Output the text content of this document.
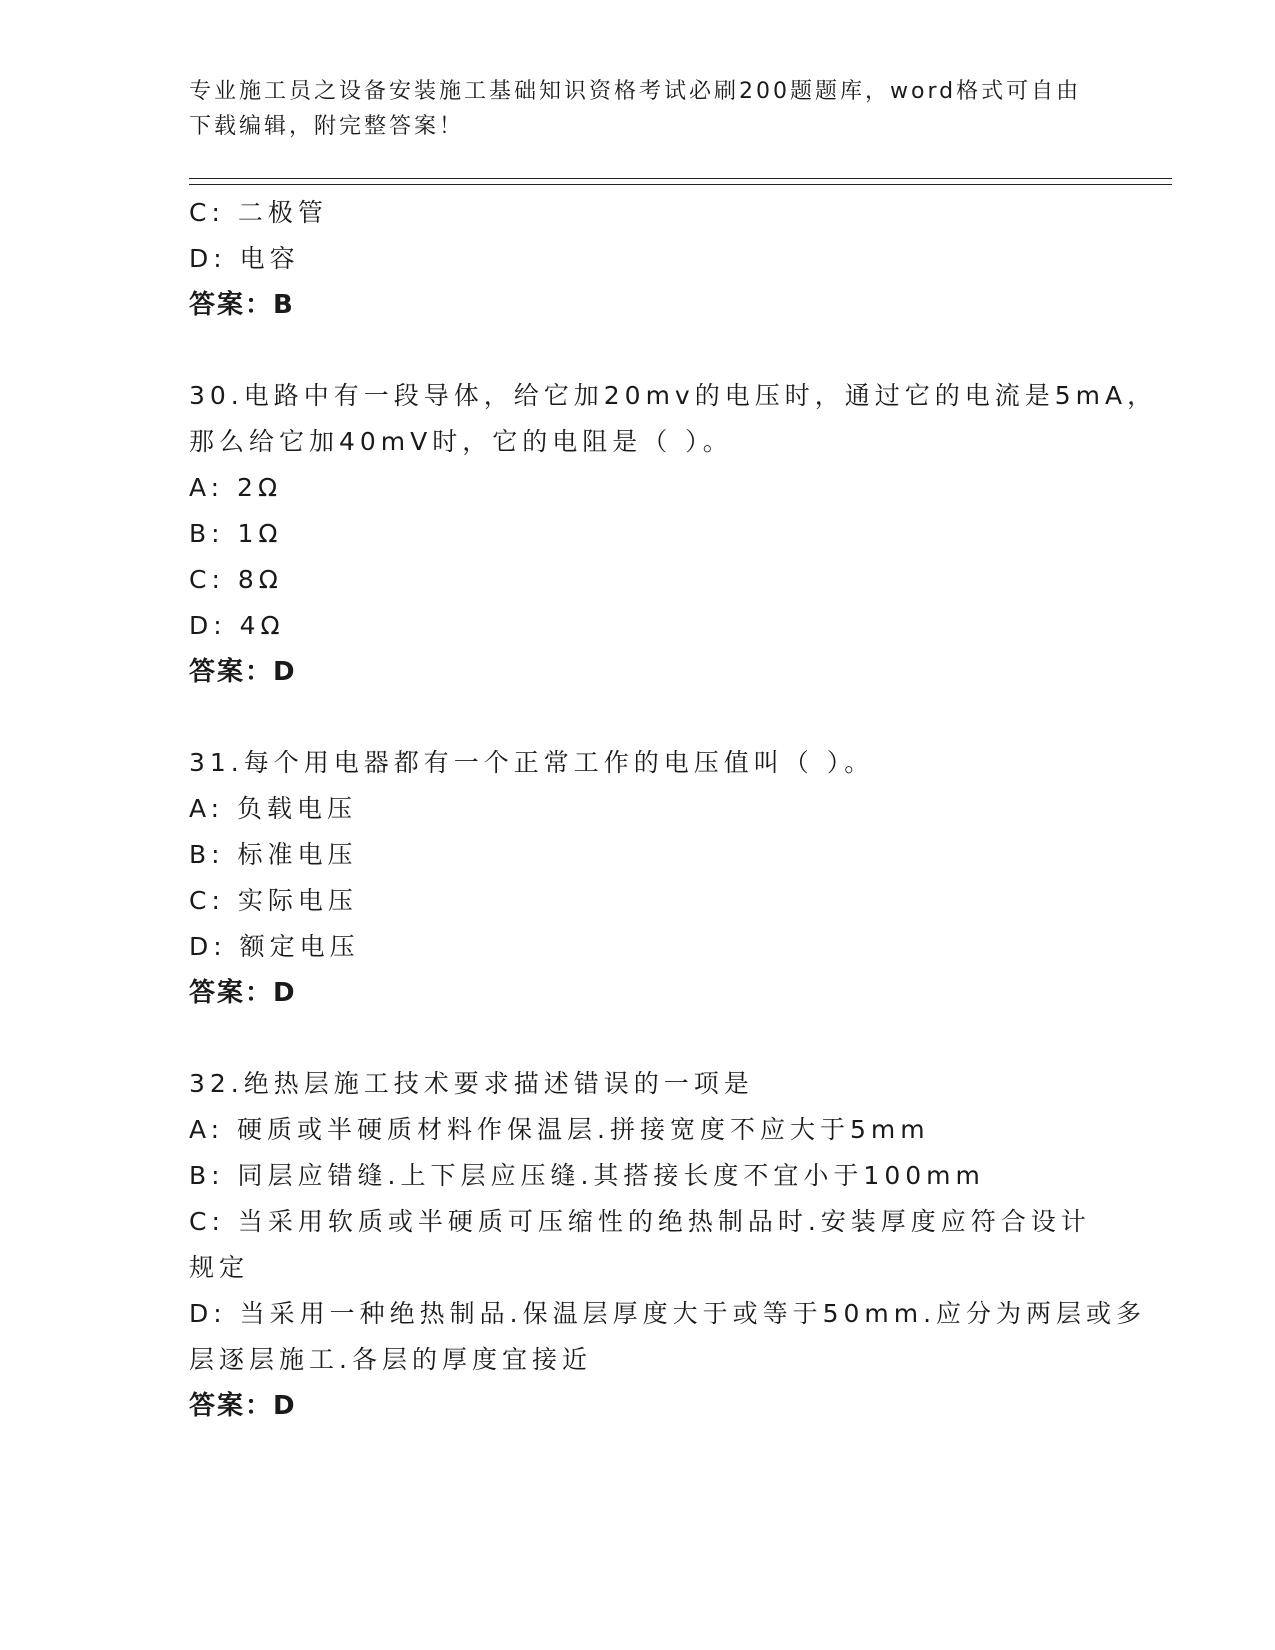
专业施工员之设备安装施工基础知识资格考试必刷200题题库，word格式可自由
下载编辑，附完整答案！
C: 二极管
D: 电容
答案：B
30.电路中有一段导体，给它加20mv的电压时，通过它的电流是5mA，
那么给它加40mV时，它的电阻是（ ）。
A: 2Ω
B: 1Ω
C: 8Ω
D: 4Ω
答案：D
31.每个用电器都有一个正常工作的电压值叫（ ）。
A: 负载电压
B: 标准电压
C: 实际电压
D: 额定电压
答案：D
32.绝热层施工技术要求描述错误的一项是
A: 硬质或半硬质材料作保温层.拼接宽度不应大于5mm
B: 同层应错缝.上下层应压缝.其搭接长度不宜小于100mm
C: 当采用软质或半硬质可压缩性的绝热制品时.安装厚度应符合设计
规定
D: 当采用一种绝热制品.保温层厚度大于或等于50mm.应分为两层或多
层逐层施工.各层的厚度宜接近
答案：D
